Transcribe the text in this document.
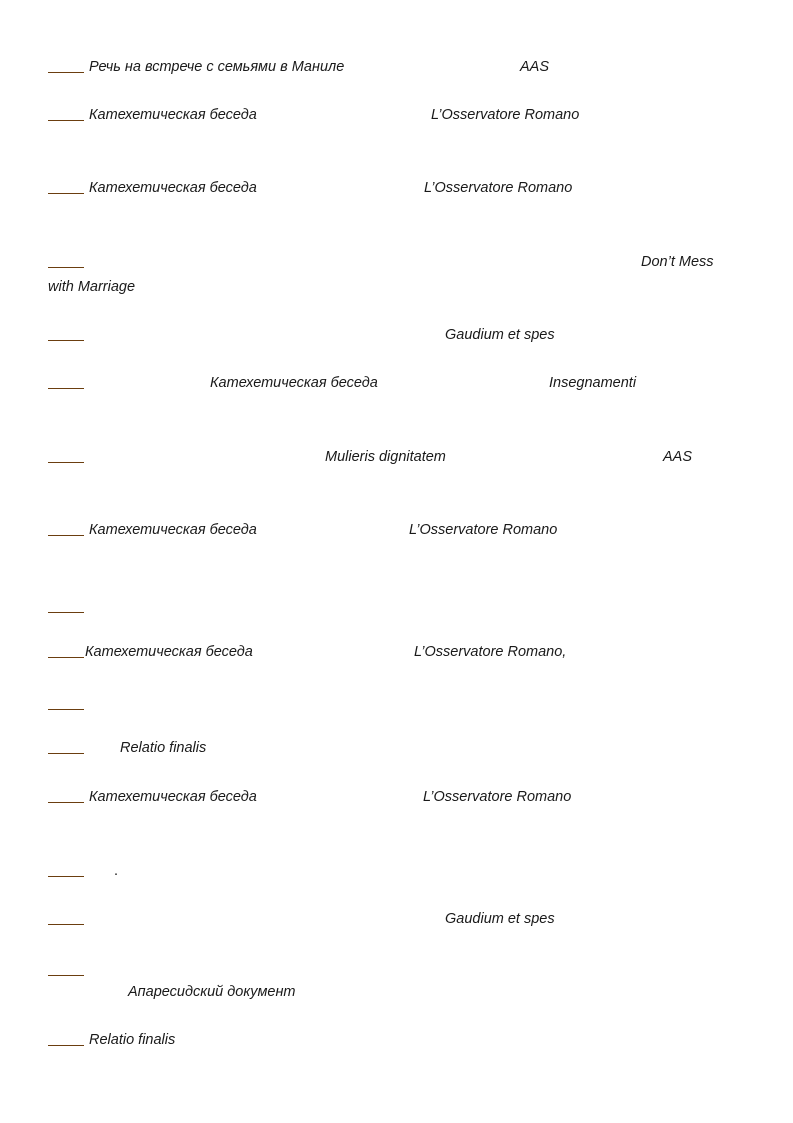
Речь на встрече с семьями в Маниле	AAS
Катехетическая беседа	L’Osservatore Romano
Катехетическая беседа	L’Osservatore Romano
Don’t Mess
with Marriage
Gaudium et spes
Катехетическая беседа	Insegnamenti
Mulieris dignitatem	AAS
Катехетическая беседа	L’Osservatore Romano
Катехетическая беседа	L’Osservatore Romano,
Relatio finalis
Катехетическая беседа	L’Osservatore Romano
.
Gaudium et spes
Апаресидский документ
Relatio finalis
